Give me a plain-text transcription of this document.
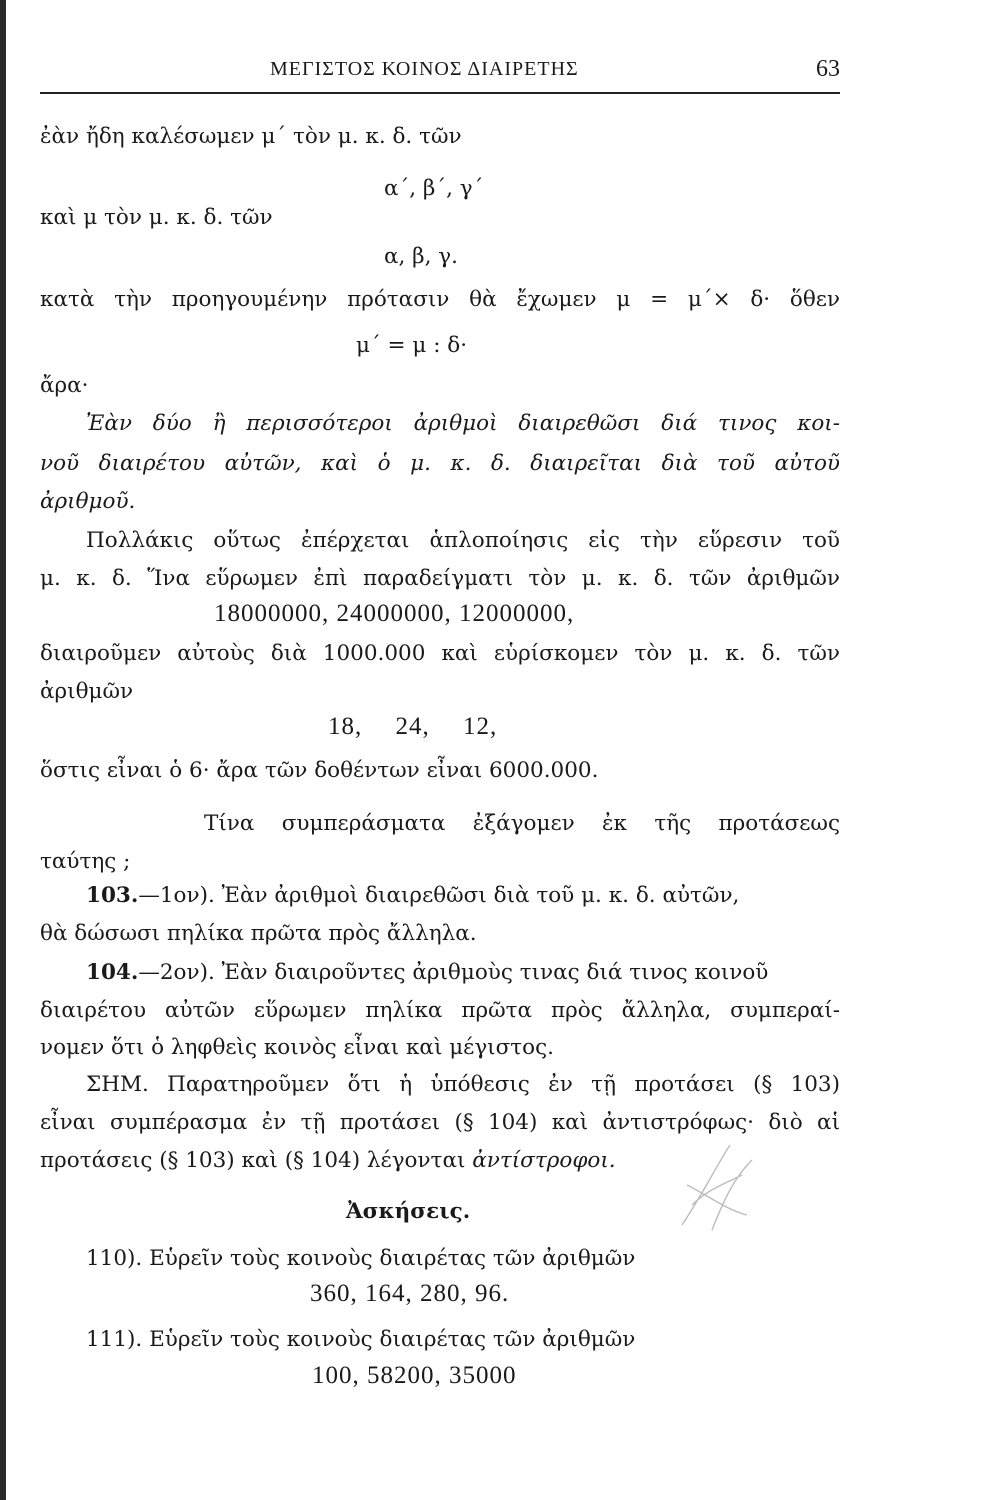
ΜΕΓΙΣΤΟΣ ΚΟΙΝΟΣ ΔΙΑΙΡΕΤΗΣ	63
ἐὰν ἤδη καλέσωμεν μ΄ τὸν μ. κ. δ. τῶν
α΄, β΄, γ΄
καὶ μ τὸν μ. κ. δ. τῶν
α, β, γ.
κατὰ τὴν προηγουμένην πρότασιν θὰ ἔχωμεν μ = μ΄× δ· ὅθεν
μ΄ = μ : δ·
ἄρα·
Ἐὰν δύο ἢ περισσότεροι ἀριθμοὶ διαιρεθῶσι διά τινος κοι-
νοῦ διαιρέτου αὐτῶν, καὶ ὁ μ. κ. δ. διαιρεῖται διὰ τοῦ αὐτοῦ
ἀριθμοῦ.
Πολλάκις οὕτως ἐπέρχεται ἁπλοποίησις εἰς τὴν εὕρεσιν τοῦ
μ. κ. δ. Ἵνα εὕρωμεν ἐπὶ παραδείγματι τὸν μ. κ. δ. τῶν ἀριθμῶν
18000000, 24000000, 12000000,
διαιροῦμεν αὐτοὺς διὰ 1000.000 καὶ εὑρίσκομεν τὸν μ. κ. δ. τῶν
ἀριθμῶν
18, 24, 12,
ὅστις εἶναι ὁ 6· ἄρα τῶν δοθέντων εἶναι 6000.000.
Τίνα συμπεράσματα ἐξάγομεν ἐκ τῆς προτάσεως
ταύτης ;
103.—1ον). Ἐὰν ἀριθμοὶ διαιρεθῶσι διὰ τοῦ μ. κ. δ. αὐτῶν,
θὰ δώσωσι πηλίκα πρῶτα πρὸς ἄλληλα.
104.—2ον). Ἐὰν διαιροῦντες ἀριθμοὺς τινας διά τινος κοινοῦ
διαιρέτου αὐτῶν εὕρωμεν πηλίκα πρῶτα πρὸς ἄλληλα, συμπεραί-
νομεν ὅτι ὁ ληφθεὶς κοινὸς εἶναι καὶ μέγιστος.
ΣΗΜ. Παρατηροῦμεν ὅτι ἡ ὑπόθεσις ἐν τῇ προτάσει (§ 103)
εἶναι συμπέρασμα ἐν τῇ προτάσει (§ 104) καὶ ἀντιστρόφως· διὸ αἱ
προτάσεις (§ 103) καὶ (§ 104) λέγονται ἀντίστροφοι.
Ἀσκήσεις.
110). Εὑρεῖν τοὺς κοινοὺς διαιρέτας τῶν ἀριθμῶν
360, 164, 280, 96.
111). Εὑρεῖν τοὺς κοινοὺς διαιρέτας τῶν ἀριθμῶν
100, 58200, 35000
